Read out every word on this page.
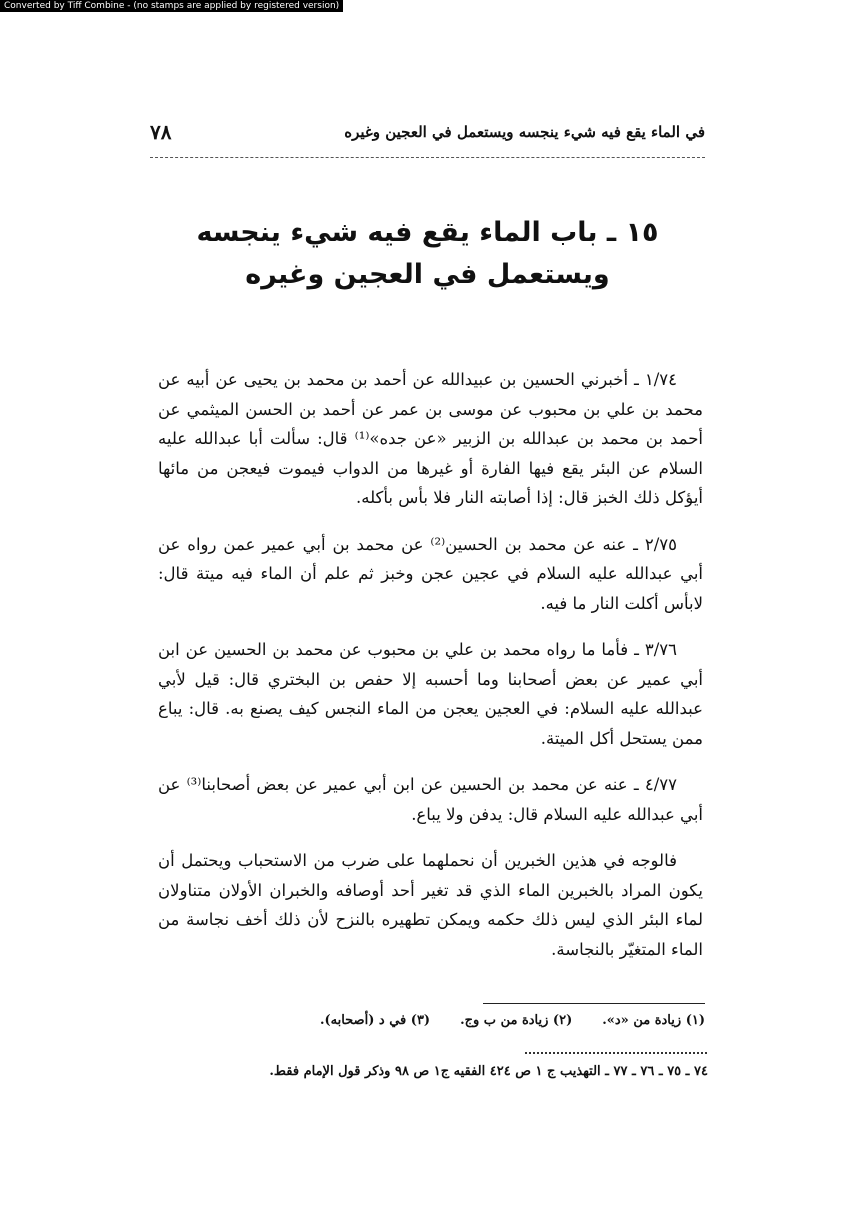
Converted by Tiff Combine - (no stamps are applied by registered version)
٧٨	في الماء يقع فيه شيء ينجسه ويستعمل في العجين وغيره
١٥ ـ باب الماء يقع فيه شيء ينجسه
ويستعمل في العجين وغيره

١/٧٤ ـ أخبرني الحسين بن عبيدالله عن أحمد بن محمد بن يحيى عن أبيه عن محمد بن علي بن محبوب عن موسى بن عمر عن أحمد بن الحسن الميثمي عن أحمد بن محمد بن عبدالله بن الزبير «عن جده»⁽¹⁾ قال: سألت أبا عبدالله عليه السلام عن البئر يقع فيها الفارة أو غيرها من الدواب فيموت فيعجن من مائها أيؤكل ذلك الخبز قال: إذا أصابته النار فلا بأس بأكله.

٢/٧٥ ـ عنه عن محمد بن الحسين⁽²⁾ عن محمد بن أبي عمير عمن رواه عن أبي عبدالله عليه السلام في عجين عجن وخبز ثم علم أن الماء فيه ميتة قال: لابأس أكلت النار ما فيه.

٣/٧٦ ـ فأما ما رواه محمد بن علي بن محبوب عن محمد بن الحسين عن ابن أبي عمير عن بعض أصحابنا وما أحسبه إلا حفص بن البختري قال: قيل لأبي عبدالله عليه السلام: في العجين يعجن من الماء النجس كيف يصنع به. قال: يباع ممن يستحل أكل الميتة.

٤/٧٧ ـ عنه عن محمد بن الحسين عن ابن أبي عمير عن بعض أصحابنا⁽³⁾ عن أبي عبدالله عليه السلام قال: يدفن ولا يباع.

فالوجه في هذين الخبرين أن نحملهما على ضرب من الاستحباب ويحتمل أن يكون المراد بالخبرين الماء الذي قد تغير أحد أوصافه والخبران الأولان متناولان لماء البئر الذي ليس ذلك حكمه ويمكن تطهيره بالنزح لأن ذلك أخف نجاسة من الماء المتغيّر بالنجاسة.

(١) زيادة من «د».
(٢) زيادة من ب وج.
(٣) في د (أصحابه).
٧٤ ـ ٧٥ ـ ٧٦ ـ ٧٧ ـ التهذيب ج ١ ص ٤٢٤ الفقيه ج١ ص ٩٨ وذكر قول الإمام فقط.
